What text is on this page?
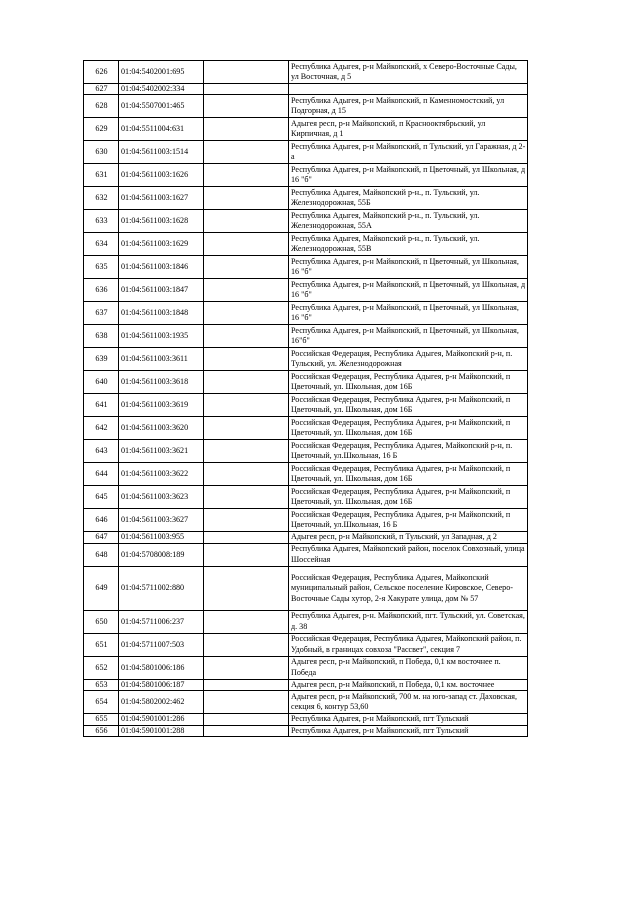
626	01:04:5402001:695		Республика Адыгея, р-н Майкопский, х Северо-Восточные Сады, ул Восточная, д 5
627	01:04:5402002:334		
628	01:04:5507001:465		Республика Адыгея, р-н Майкопский, п Каменномостский, ул Подгорная, д 15
629	01:04:5511004:631		Адыгея респ, р-н Майкопский, п Краснооктябрьский, ул Кирпичная, д 1
630	01:04:5611003:1514		Республика Адыгея, р-н Майкопский, п Тульский, ул Гаражная, д 2-а
631	01:04:5611003:1626		Республика Адыгея, р-н Майкопский, п Цветочный, ул Школьная, д 16 "б"
632	01:04:5611003:1627		Республика Адыгея, Майкопский р-н., п. Тульский, ул. Железнодорожная, 55Б
633	01:04:5611003:1628		Республика Адыгея, Майкопский р-н., п. Тульский, ул. Железнодорожная, 55А
634	01:04:5611003:1629		Республика Адыгея, Майкопский р-н., п. Тульский, ул. Железнодорожная, 55В
635	01:04:5611003:1846		Республика Адыгея, р-н Майкопский, п Цветочный, ул Школьная, 16 "б"
636	01:04:5611003:1847		Республика Адыгея, р-н Майкопский, п Цветочный, ул Школьная, д 16 "б"
637	01:04:5611003:1848		Республика Адыгея, р-н Майкопский, п Цветочный, ул Школьная, 16 "б"
638	01:04:5611003:1935		Республика Адыгея, р-н Майкопский, п Цветочный, ул Школьная, 16"б"
639	01:04:5611003:3611		Российская Федерация, Республика Адыгея, Майкопский р-н, п. Тульский, ул. Железнодорожная
640	01:04:5611003:3618		Российская Федерация, Республика Адыгея, р-н Майкопский, п Цветочный, ул. Школьная, дом 16Б
641	01:04:5611003:3619		Российская Федерация, Республика Адыгея, р-н Майкопский, п Цветочный, ул. Школьная, дом 16Б
642	01:04:5611003:3620		Российская Федерация, Республика Адыгея, р-н Майкопский, п Цветочный, ул. Школьная, дом 16Б
643	01:04:5611003:3621		Российская Федерация, Республика Адыгея, Майкопский р-н, п. Цветочный, ул.Школьная, 16 Б
644	01:04:5611003:3622		Российская Федерация, Республика Адыгея, р-н Майкопский, п Цветочный, ул. Школьная, дом 16Б
645	01:04:5611003:3623		Российская Федерация, Республика Адыгея, р-н Майкопский, п Цветочный, ул. Школьная, дом 16Б
646	01:04:5611003:3627		Российская Федерация, Республика Адыгея, р-н Майкопский, п Цветочный, ул.Школьная, 16 Б
647	01:04:5611003:955		Адыгея респ, р-н Майкопский, п Тульский, ул Западная, д 2
648	01:04:5708008:189		Республика Адыгея, Майкопский район, поселок Совхозный, улица Шоссейная
649	01:04:5711002:880		Российская Федерация, Республика Адыгея, Майкопский муниципальный район, Сельское поселение Кировское, Северо-Восточные Сады хутор, 2-я Хакурате улица, дом № 57
650	01:04:5711006:237		Республика Адыгея, р-н. Майкопский, пгт. Тульский, ул. Советская, д. 38
651	01:04:5711007:503		Российская Федерация, Республика Адыгея, Майкопский район, п. Удобный, в границах совхоза "Рассвет", секция 7
652	01:04:5801006:186		Адыгея респ, р-н Майкопский, п Победа, 0,1 км восточнее п. Победа
653	01:04:5801006:187		Адыгея респ, р-н Майкопский, п Победа, 0,1 км. восточнее
654	01:04:5802002:462		Адыгея респ, р-н Майкопский, 700 м. на юго-запад ст. Даховская, секция 6, контур 53,60
655	01:04:5901001:286		Республика Адыгея, р-н Майкопский, пгт Тульский
656	01:04:5901001:288		Республика Адыгея, р-н Майкопский, пгт Тульский
